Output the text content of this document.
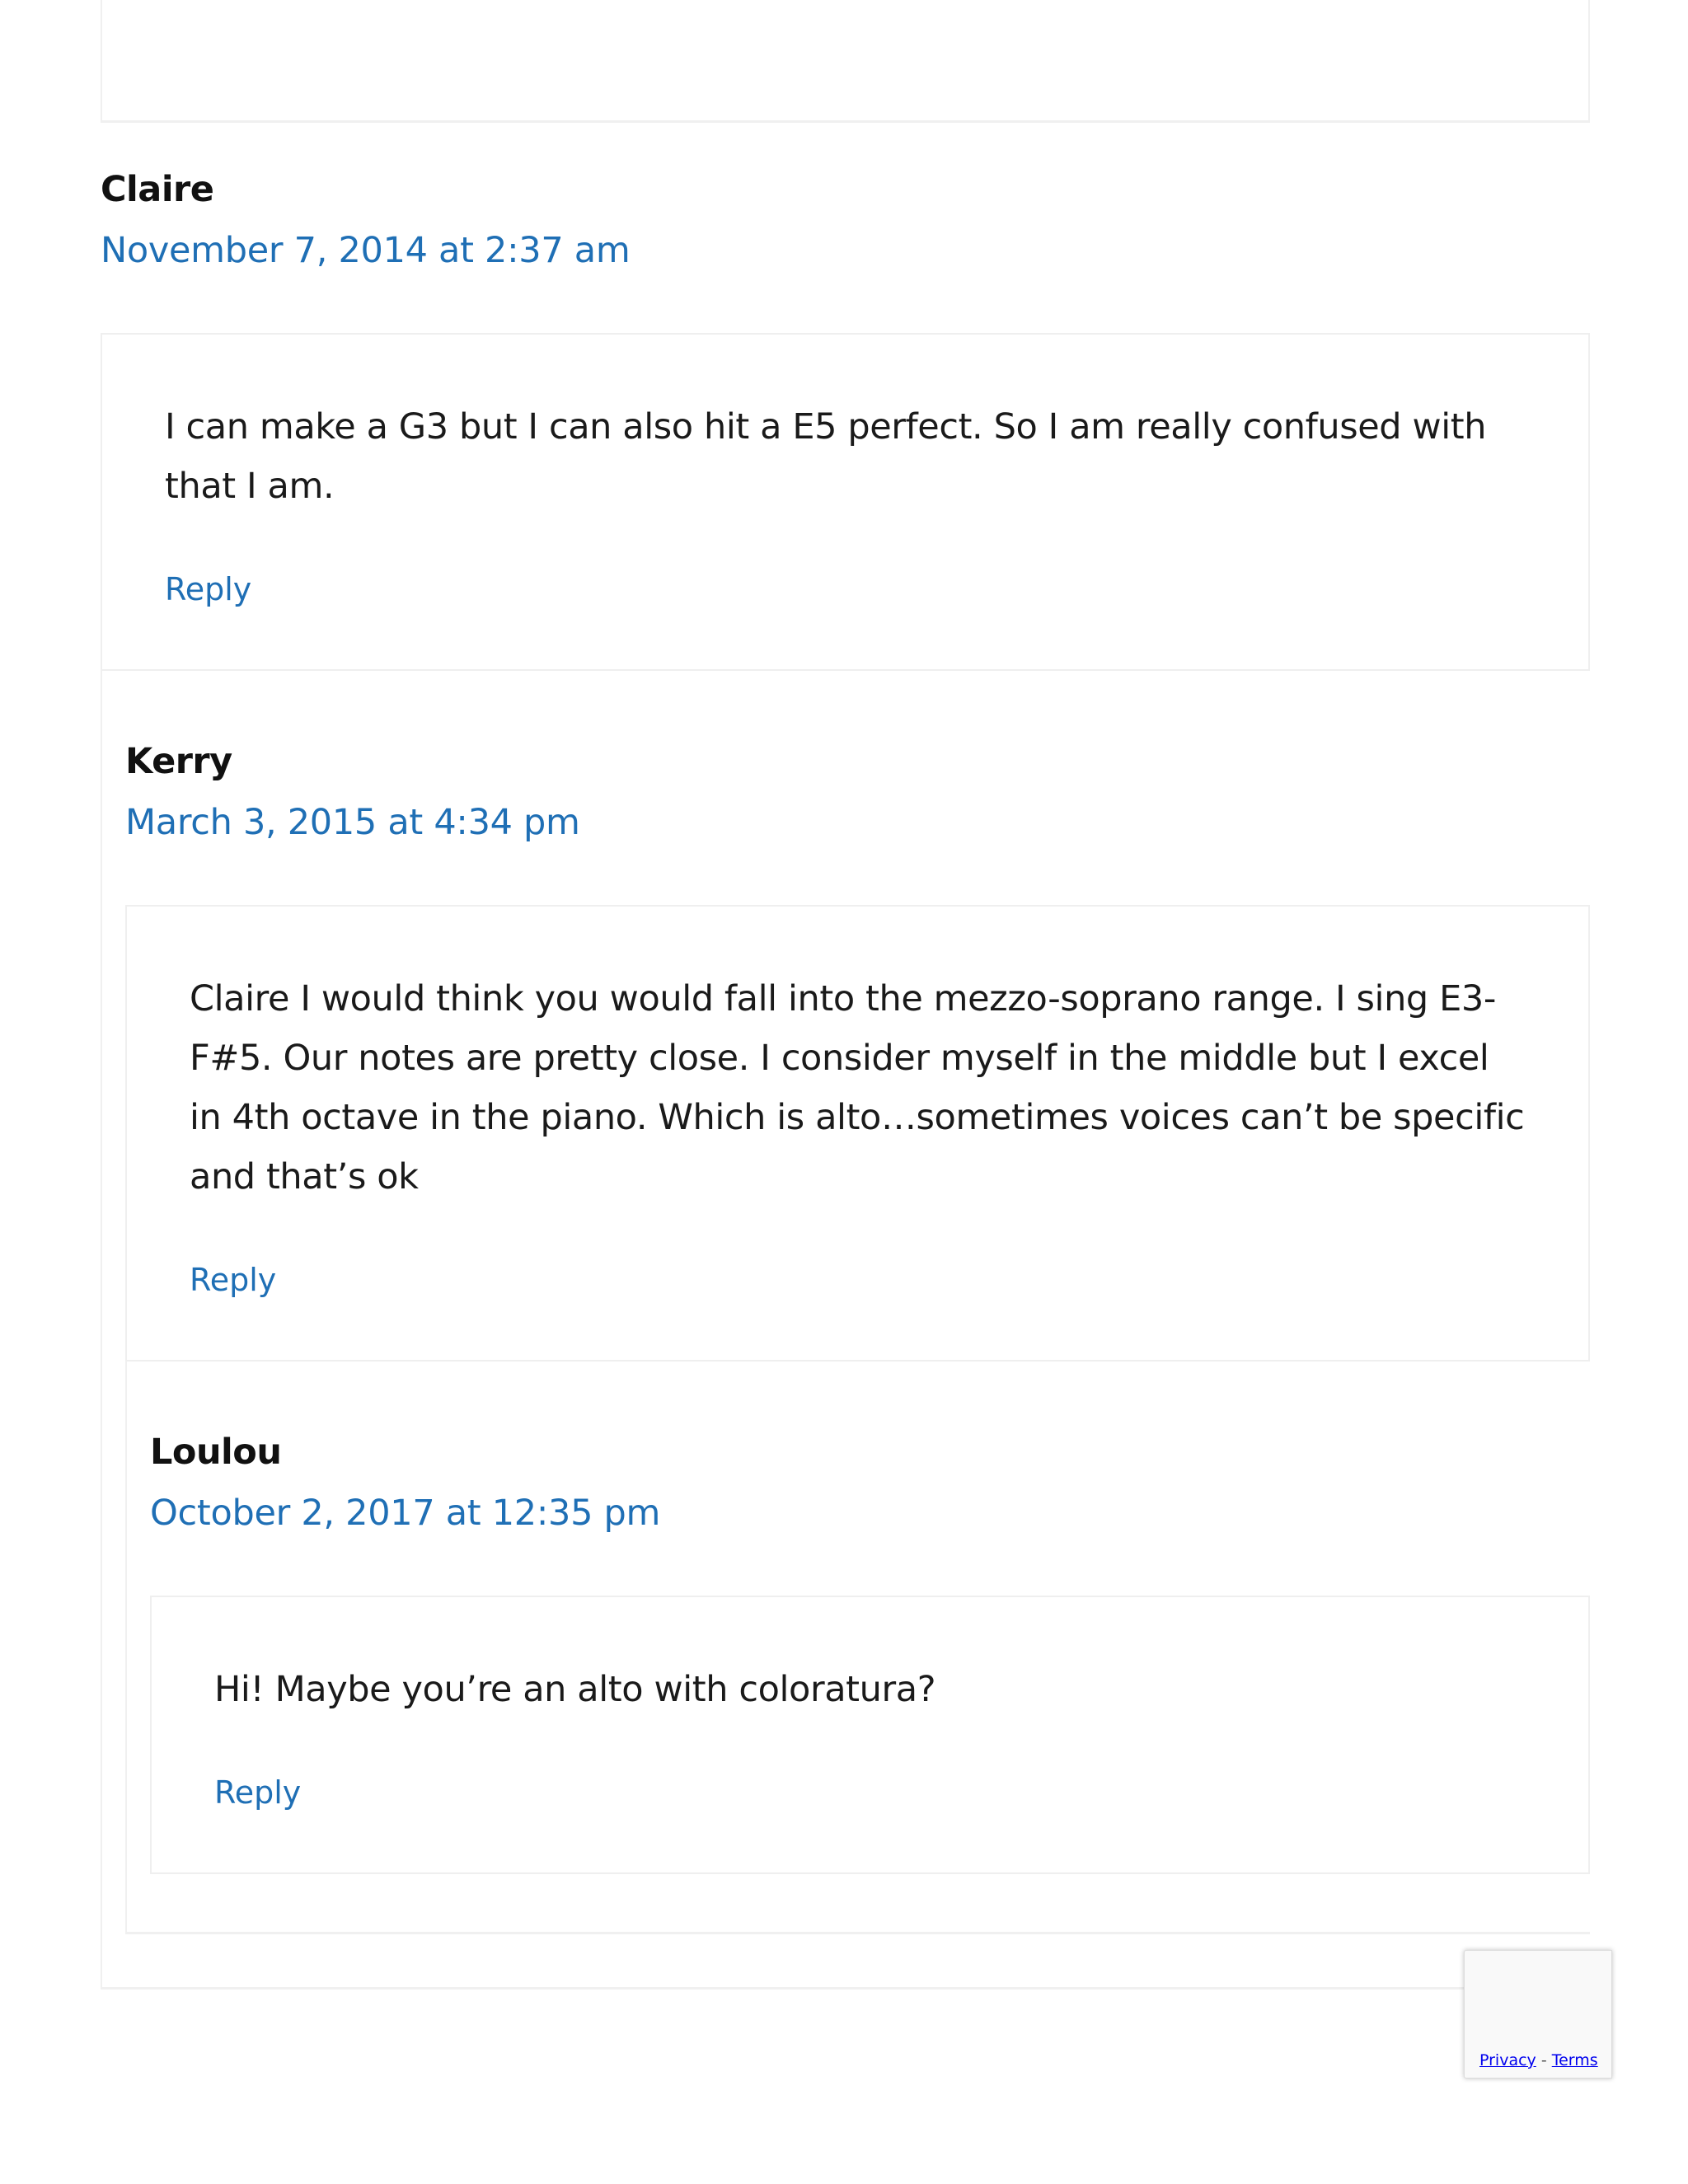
Claire
November 7, 2014 at 2:37 am

I can make a G3 but I can also hit a E5 perfect. So I am really confused with that I am.

Reply
Kerry
March 3, 2015 at 4:34 pm

Claire I would think you would fall into the mezzo-soprano range. I sing E3-F#5. Our notes are pretty close. I consider myself in the middle but I excel in 4th octave in the piano. Which is alto…sometimes voices can’t be specific and that’s ok

Reply
Loulou
October 2, 2017 at 12:35 pm

Hi! Maybe you’re an alto with coloratura?

Reply
Privacy - Terms
